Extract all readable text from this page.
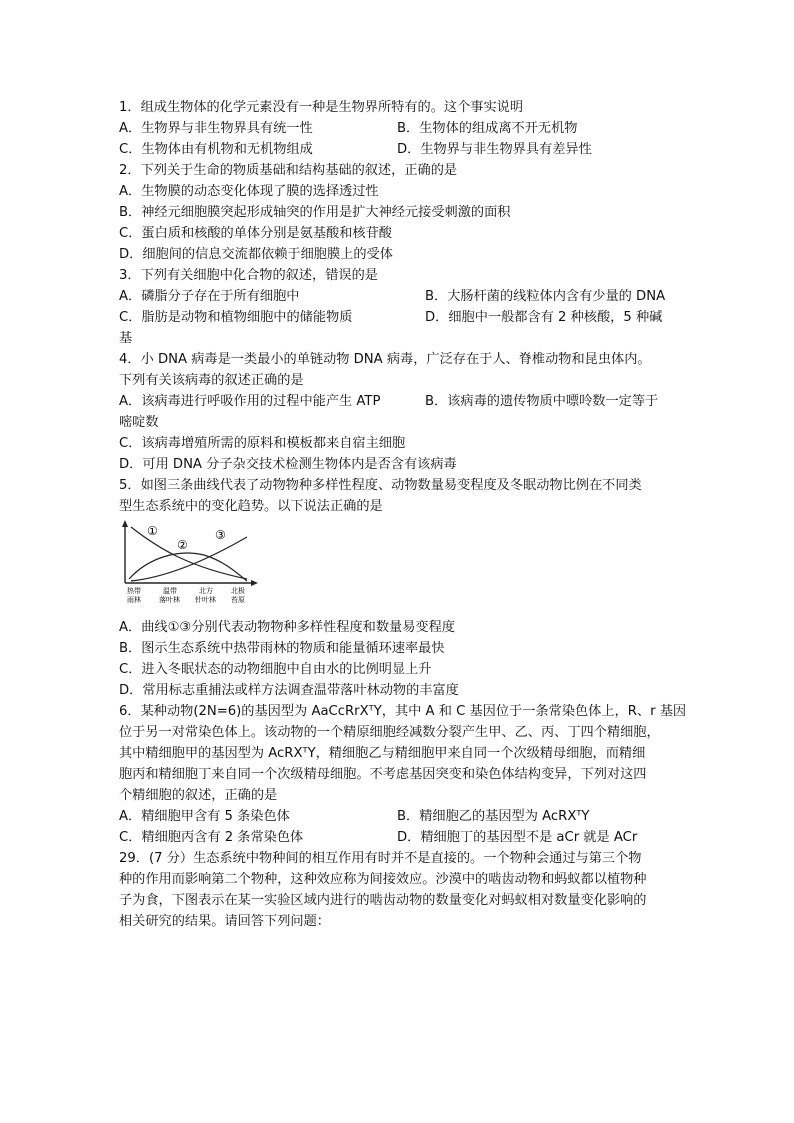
1．组成生物体的化学元素没有一种是生物界所特有的。这个事实说明
A．生物界与非生物界具有统一性	B．生物体的组成离不开无机物
C．生物体由有机物和无机物组成	D．生物界与非生物界具有差异性
2．下列关于生命的物质基础和结构基础的叙述，正确的是
A．生物膜的动态变化体现了膜的选择透过性
B．神经元细胞膜突起形成轴突的作用是扩大神经元接受刺激的面积
C．蛋白质和核酸的单体分别是氨基酸和核苷酸
D．细胞间的信息交流都依赖于细胞膜上的受体
3．下列有关细胞中化合物的叙述，错误的是
A．磷脂分子存在于所有细胞中	B．大肠杆菌的线粒体内含有少量的 DNA
C．脂肪是动物和植物细胞中的储能物质	D．细胞中一般都含有 2 种核酸，5 种碱
基
4．小 DNA 病毒是一类最小的单链动物 DNA 病毒，广泛存在于人、脊椎动物和昆虫体内。
下列有关该病毒的叙述正确的是
A．该病毒进行呼吸作用的过程中能产生 ATP	B．该病毒的遗传物质中嘌呤数一定等于
嘧啶数
C．该病毒增殖所需的原料和模板都来自宿主细胞
D．可用 DNA 分子杂交技术检测生物体内是否含有该病毒
5．如图三条曲线代表了动物物种多样性程度、动物数量易变程度及冬眠动物比例在不同类
型生态系统中的变化趋势。以下说法正确的是
①
②
③
热带
雨林
温带
落叶林
北方
针叶林
北极
苔原
A．曲线①③分别代表动物物种多样性程度和数量易变程度
B．图示生态系统中热带雨林的物质和能量循环速率最快
C．进入冬眠状态的动物细胞中自由水的比例明显上升
D．常用标志重捕法或样方法调查温带落叶林动物的丰富度
6．某种动物(2N=6)的基因型为 AaCcRrXᵀY，其中 A 和 C 基因位于一条常染色体上，R、r 基因
位于另一对常染色体上。该动物的一个精原细胞经减数分裂产生甲、乙、丙、丁四个精细胞，
其中精细胞甲的基因型为 AcRXᵀY，精细胞乙与精细胞甲来自同一个次级精母细胞，而精细
胞丙和精细胞丁来自同一个次级精母细胞。不考虑基因突变和染色体结构变异，下列对这四
个精细胞的叙述，正确的是
A．精细胞甲含有 5 条染色体	B．精细胞乙的基因型为 AcRXᵀY
C．精细胞丙含有 2 条常染色体	D．精细胞丁的基因型不是 aCr 就是 ACr
29．(7 分）生态系统中物种间的相互作用有时并不是直接的。一个物种会通过与第三个物
种的作用而影响第二个物种，这种效应称为间接效应。沙漠中的啮齿动物和蚂蚁都以植物种
子为食，下图表示在某一实验区域内进行的啮齿动物的数量变化对蚂蚁相对数量变化影响的
相关研究的结果。请回答下列问题：
